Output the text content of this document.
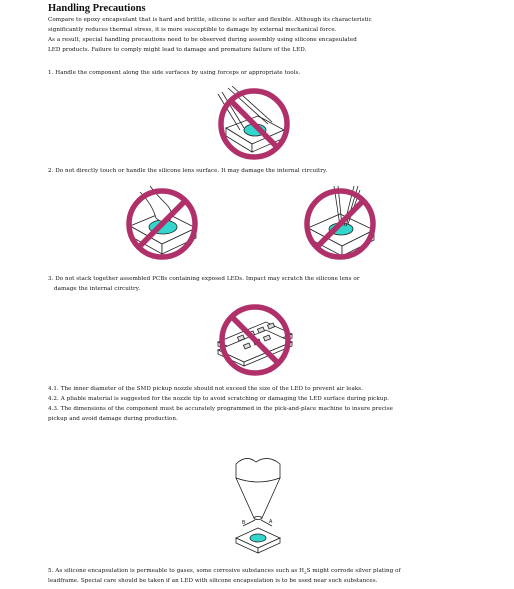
Handling Precautions
Compare to epoxy encapsulant that is hard and brittle, silicone is softer and flexible. Although its characteristic
significantly reduces thermal stress, it is more susceptible to damage by external mechanical force.
As a result, special handling precautions need to be observed during assembly using silicone encapsulated
LED products. Failure to comply might lead to damage and premature failure of the LED.
1. Handle the component along the side surfaces by using forceps or appropriate tools.
2. Do not directly touch or handle the silicone lens surface. It may damage the internal circuitry.
3. Do not stack together assembled PCBs containing exposed LEDs. Impact may scratch the silicone lens or
damage the internal circuitry.
4.1. The inner diameter of the SMD pickup nozzle should not exceed the size of the LED to prevent air leaks.
4.2. A pliable material is suggested for the nozzle tip to avoid scratching or damaging the LED surface during pickup.
4.3. The dimensions of the component must be accurately programmed in the pick-and-place machine to insure precise
pickup and avoid damage during production.
B	A
5. As silicone encapsulation is permeable to gases, some corrosive substances such as $H_2S$ might corrode silver plating of
leadframe. Special care should be taken if an LED with silicone encapsulation is to be used near such substances.
